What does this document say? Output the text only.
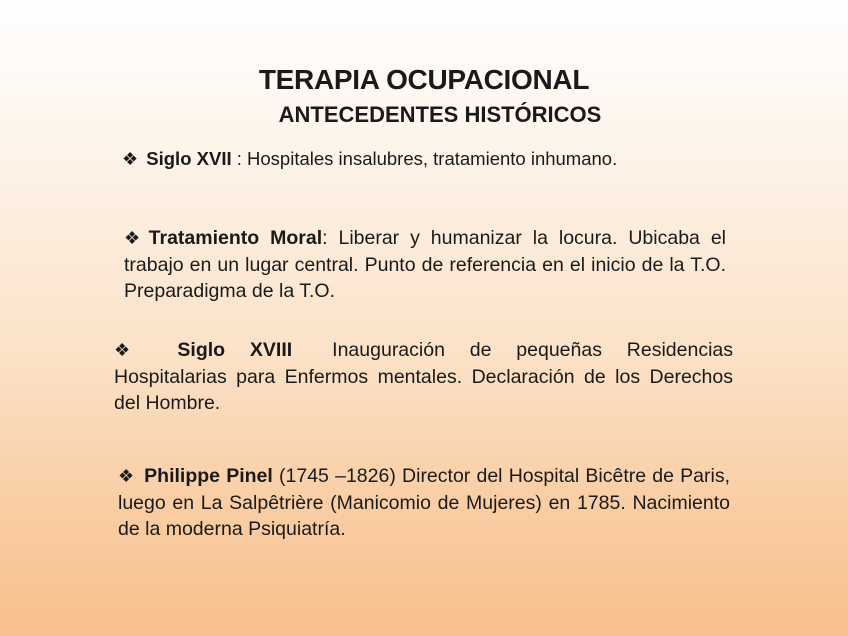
TERAPIA OCUPACIONAL
ANTECEDENTES HISTÓRICOS
❖ Siglo XVII : Hospitales insalubres, tratamiento inhumano.
❖ Tratamiento Moral: Liberar y humanizar la locura. Ubicaba el trabajo en un lugar central. Punto de referencia en el inicio de la T.O. Preparadigma de la T.O.
❖ Siglo XVIII Inauguración de pequeñas Residencias Hospitalarias para Enfermos mentales. Declaración de los Derechos del Hombre.
❖ Philippe Pinel (1745 –1826) Director del Hospital Bicêtre de Paris, luego en La Salpêtrière (Manicomio de Mujeres) en 1785. Nacimiento de la moderna Psiquiatría.
